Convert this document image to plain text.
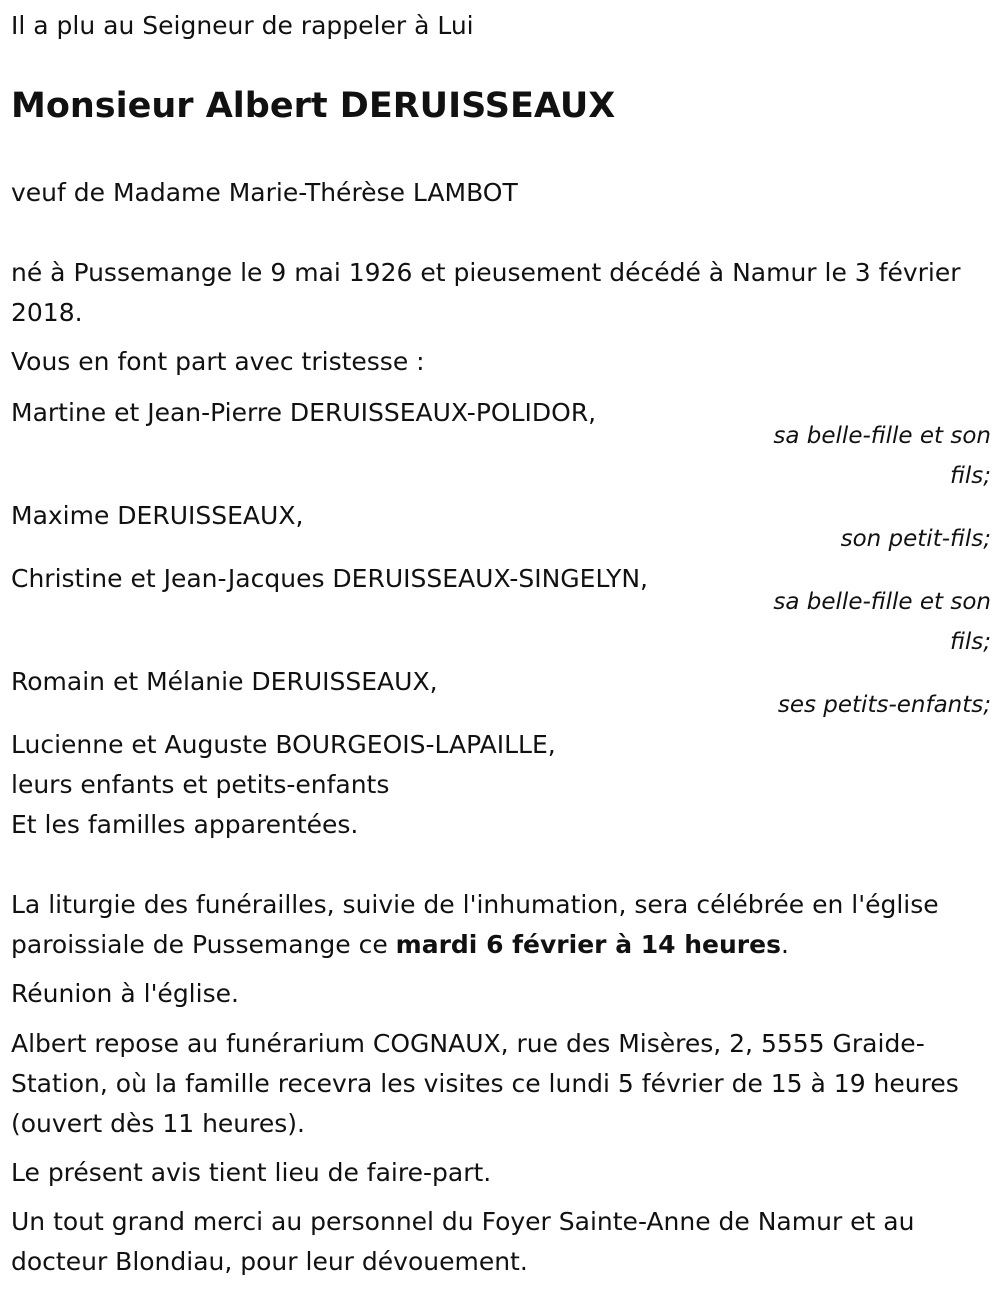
Il a plu au Seigneur de rappeler à Lui

Monsieur Albert DERUISSEAUX

veuf de Madame Marie-Thérèse LAMBOT

né à Pussemange le 9 mai 1926 et pieusement décédé à Namur le 3 février 2018.

Vous en font part avec tristesse :

Martine et Jean-Pierre DERUISSEAUX-POLIDOR,

sa belle-fille et son fils;

Maxime DERUISSEAUX,

son petit-fils;

Christine et Jean-Jacques DERUISSEAUX-SINGELYN,

sa belle-fille et son fils;

Romain et Mélanie DERUISSEAUX,

ses petits-enfants;

Lucienne et Auguste BOURGEOIS-LAPAILLE,

leurs enfants et petits-enfants

Et les familles apparentées.

La liturgie des funérailles, suivie de l'inhumation, sera célébrée en l'église paroissiale de Pussemange ce mardi 6 février à 14 heures.

Réunion à l'église.

Albert repose au funérarium COGNAUX, rue des Misères, 2, 5555 Graide-Station, où la famille recevra les visites ce lundi 5 février de 15 à 19 heures (ouvert dès 11 heures).

Le présent avis tient lieu de faire-part.

Un tout grand merci au personnel du Foyer Sainte-Anne de Namur et au docteur Blondiau, pour leur dévouement.
